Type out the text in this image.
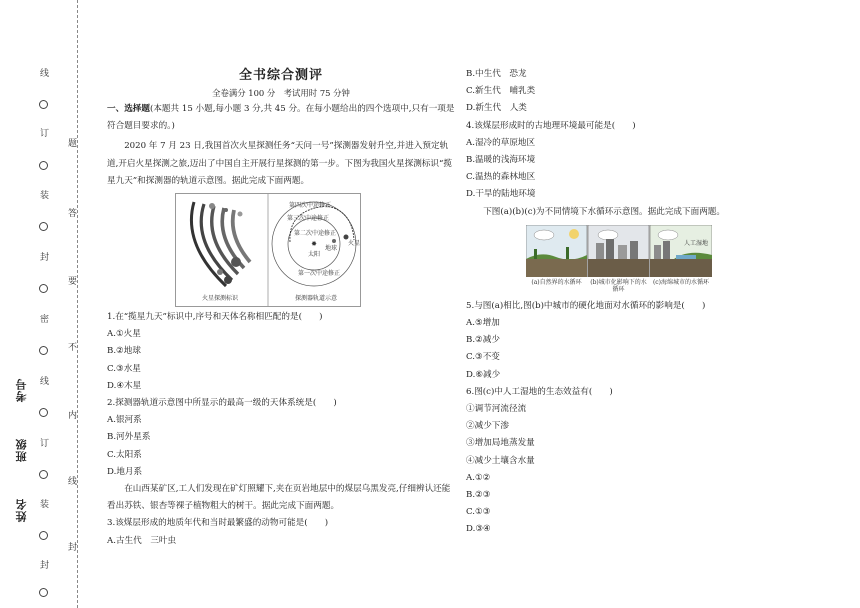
线
订
装
封
密
线
订
装
封
题
答
要
不
内
线
封
考号
班级
姓名
全书综合测评
全卷满分 100 分　考试用时 75 分钟

一、选择题(本题共 15 小题,每小题 3 分,共 45 分。在每小题给出的四个选项中,只有一项是符合题目要求的。)

2020 年 7 月 23 日,我国首次火星探测任务“天问一号”探测器发射升空,并进入预定轨道,开启火星探测之旅,迈出了中国自主开展行星探测的第一步。下图为我国火星探测标识“揽星九天”和探测器的轨道示意图。据此完成下面两题。

✸
第四次中途修正
第三次中途修正
第二次中途修正
地球
火星
太阳
第一次中途修正
火星探测标识	探测器轨道示意

1.在“揽星九天”标识中,序号和天体名称相匹配的是(　　)

A.①火星

B.②地球

C.③水星

D.④木星

2.探测器轨道示意图中所显示的最高一级的天体系统是(　　)

A.银河系

B.河外星系

C.太阳系

D.地月系

在山西某矿区,工人们发现在矿灯照耀下,夹在页岩地层中的煤层乌黑发亮,仔细辨认还能看出苏铁、银杏等裸子植物粗大的树干。据此完成下面两题。

3.该煤层形成的地质年代和当时最繁盛的动物可能是(　　)

A.古生代　三叶虫

B.中生代　恐龙

C.新生代　哺乳类

D.新生代　人类

4.该煤层形成时的古地理环境最可能是(　　)

A.湿冷的草原地区

B.温暖的浅海环境

C.温热的森林地区

D.干旱的陆地环境

下图(a)(b)(c)为不同情境下水循环示意图。据此完成下面两题。

人工湿地
(a)自然界的水循环	(b)城市化影响下的水循环
(c)海绵城市的水循环

5.与图(a)相比,图(b)中城市的硬化地面对水循环的影响是(　　)

A.⑤增加

B.②减少

C.③不变

D.⑥减少

6.图(c)中人工湿地的生态效益有(　　)

①调节河流径流

②减少下渗

③增加局地蒸发量

④减少土壤含水量

A.①②

B.②③

C.①③

D.③④
